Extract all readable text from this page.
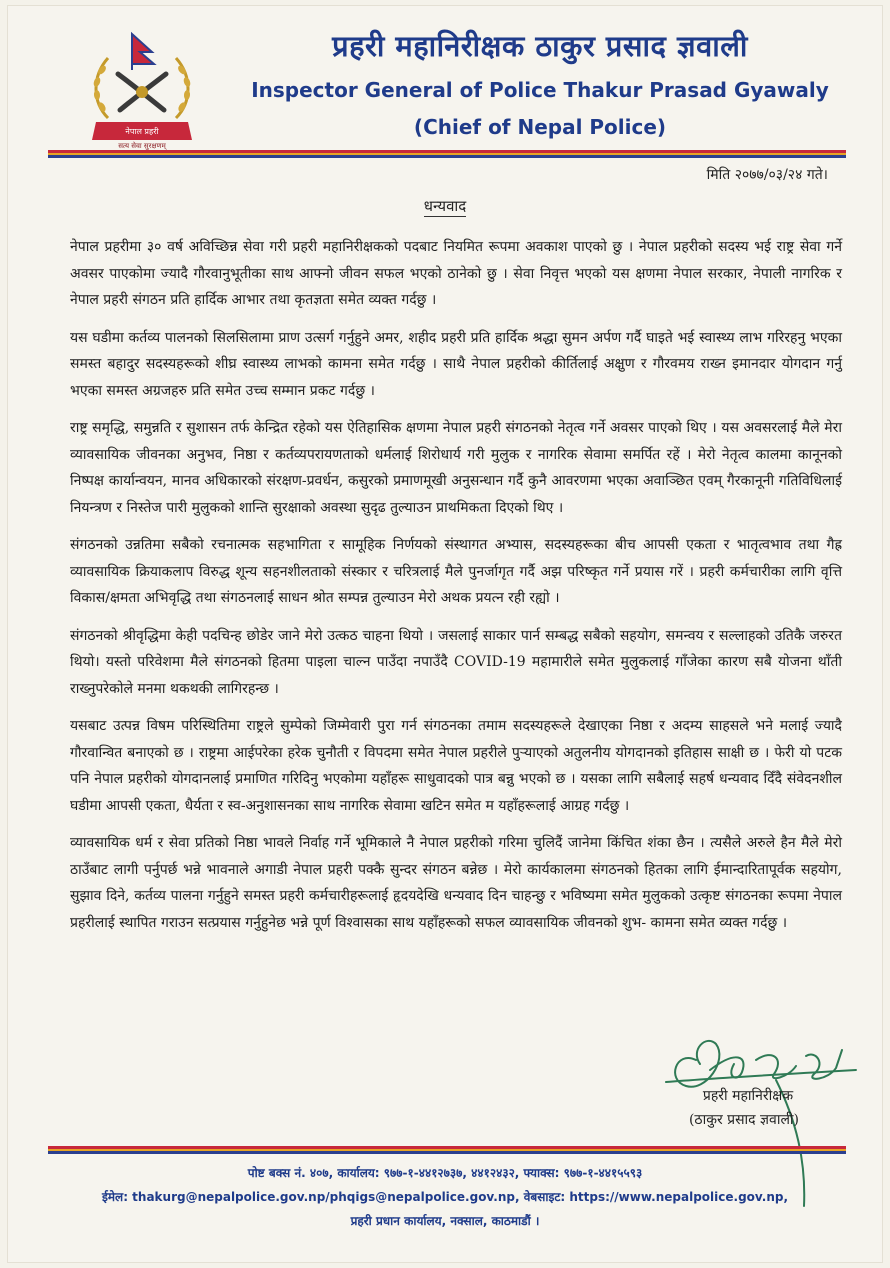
नेपाल प्रहरी
सत्य सेवा सुरक्षणम्
प्रहरी महानिरीक्षक ठाकुर प्रसाद ज्ञवाली
Inspector General of Police Thakur Prasad Gyawaly
(Chief of Nepal Police)
मिति २०७७/०३/२४ गते।
धन्यवाद

नेपाल प्रहरीमा ३० वर्ष अविच्छिन्न सेवा गरी प्रहरी महानिरीक्षकको पदबाट नियमित रूपमा अवकाश पाएको छु । नेपाल प्रहरीको सदस्य भई राष्ट्र सेवा गर्ने अवसर पाएकोमा ज्यादै गौरवानुभूतीका साथ आफ्नो जीवन सफल भएको ठानेको छु । सेवा निवृत्त भएको यस क्षणमा नेपाल सरकार, नेपाली नागरिक र नेपाल प्रहरी संगठन प्रति हार्दिक आभार तथा कृतज्ञता समेत व्यक्त गर्दछु ।

यस घडीमा कर्तव्य पालनको सिलसिलामा प्राण उत्सर्ग गर्नुहुने अमर, शहीद प्रहरी प्रति हार्दिक श्रद्धा सुमन अर्पण गर्दै घाइते भई स्वास्थ्य लाभ गरिरहनु भएका समस्त बहादुर सदस्यहरूको शीघ्र स्वास्थ्य लाभको कामना समेत गर्दछु । साथै नेपाल प्रहरीको कीर्तिलाई अक्षुण र गौरवमय राख्न इमानदार योगदान गर्नु भएका समस्त अग्रजहरु प्रति समेत उच्च सम्मान प्रकट गर्दछु ।

राष्ट्र समृद्धि, समुन्नति र सुशासन तर्फ केन्द्रित रहेको यस ऐतिहासिक क्षणमा नेपाल प्रहरी संगठनको नेतृत्व गर्ने अवसर पाएको थिए । यस अवसरलाई मैले मेरा व्यावसायिक जीवनका अनुभव, निष्ठा र कर्तव्यपरायणताको धर्मलाई शिरोधार्य गरी मुलुक र नागरिक सेवामा समर्पित रहें । मेरो नेतृत्व कालमा कानूनको निष्पक्ष कार्यान्वयन, मानव अधिकारको संरक्षण-प्रवर्धन, कसुरको प्रमाणमूखी अनुसन्धान गर्दै कुनै आवरणमा भएका अवाञ्छित एवम् गैरकानूनी गतिविधिलाई नियन्त्रण र निस्तेज पारी मुलुकको शान्ति सुरक्षाको अवस्था सुदृढ तुल्याउन प्राथमिकता दिएको थिए ।

संगठनको उन्नतिमा सबैको रचनात्मक सहभागिता र सामूहिक निर्णयको संस्थागत अभ्यास, सदस्यहरूका बीच आपसी एकता र भातृत्वभाव तथा गैह्र व्यावसायिक क्रियाकलाप विरुद्ध शून्य सहनशीलताको संस्कार र चरित्रलाई मैले पुनर्जागृत गर्दै अझ परिष्कृत गर्ने प्रयास गरें । प्रहरी कर्मचारीका लागि वृत्ति विकास/क्षमता अभिवृद्धि तथा संगठनलाई साधन श्रोत सम्पन्न तुल्याउन मेरो अथक प्रयत्न रही रह्यो ।

संगठनको श्रीवृद्धिमा केही पदचिन्ह छोडेर जाने मेरो उत्कठ चाहना थियो । जसलाई साकार पार्न सम्बद्ध सबैको सहयोग, समन्वय र सल्लाहको उतिकै जरुरत थियो। यस्तो परिवेशमा मैले संगठनको हितमा पाइला चाल्न पाउँदा नपाउँदै COVID-19 महामारीले समेत मुलुकलाई गाँजेका कारण सबै योजना थाँती राख्नुपरेकोले मनमा थकथकी लागिरहन्छ ।

यसबाट उत्पन्न विषम परिस्थितिमा राष्ट्रले सुम्पेको जिम्मेवारी पुरा गर्न संगठनका तमाम सदस्यहरूले देखाएका निष्ठा र अदम्य साहसले भने मलाई ज्यादै गौरवान्वित बनाएको छ । राष्ट्रमा आईपरेका हरेक चुनौती र विपदमा समेत नेपाल प्रहरीले पुऱ्याएको अतुलनीय योगदानको इतिहास साक्षी छ । फेरी यो पटक पनि नेपाल प्रहरीको योगदानलाई प्रमाणित गरिदिनु भएकोमा यहाँहरू साधुवादको पात्र बन्नु भएको छ । यसका लागि सबैलाई सहर्ष धन्यवाद दिँदै संवेदनशील घडीमा आपसी एकता, धैर्यता र स्व-अनुशासनका साथ नागरिक सेवामा खटिन समेत म यहाँहरूलाई आग्रह गर्दछु ।

व्यावसायिक धर्म र सेवा प्रतिको निष्ठा भावले निर्वाह गर्ने भूमिकाले नै नेपाल प्रहरीको गरिमा चुलिदैं जानेमा किंचित शंका छैन । त्यसैले अरुले हैन मैले मेरो ठाउँबाट लागी पर्नुपर्छ भन्ने भावनाले अगाडी नेपाल प्रहरी पक्कै सुन्दर संगठन बन्नेछ । मेरो कार्यकालमा संगठनको हितका लागि ईमान्दारितापूर्वक सहयोग, सुझाव दिने, कर्तव्य पालना गर्नुहुने समस्त प्रहरी कर्मचारीहरूलाई हृदयदेखि धन्यवाद दिन चाहन्छु र भविष्यमा समेत मुलुकको उत्कृष्ट संगठनका रूपमा नेपाल प्रहरीलाई स्थापित गराउन सत्प्रयास गर्नुहुनेछ भन्ने पूर्ण विश्वासका साथ यहाँहरूको सफल व्यावसायिक जीवनको शुभ- कामना समेत व्यक्त गर्दछु ।

प्रहरी महानिरीक्षक
(ठाकुर प्रसाद ज्ञवाली)
पोष्ट बक्स नं. ४०७, कार्यालय: ९७७-१-४४१२७३७, ४४१२४३२, फ्याक्स: ९७७-१-४४१५५९३
ईमेल: thakurg@nepalpolice.gov.np/phqigs@nepalpolice.gov.np, वेबसाइट: https://www.nepalpolice.gov.np,
प्रहरी प्रधान कार्यालय, नक्साल, काठमाडौं ।
